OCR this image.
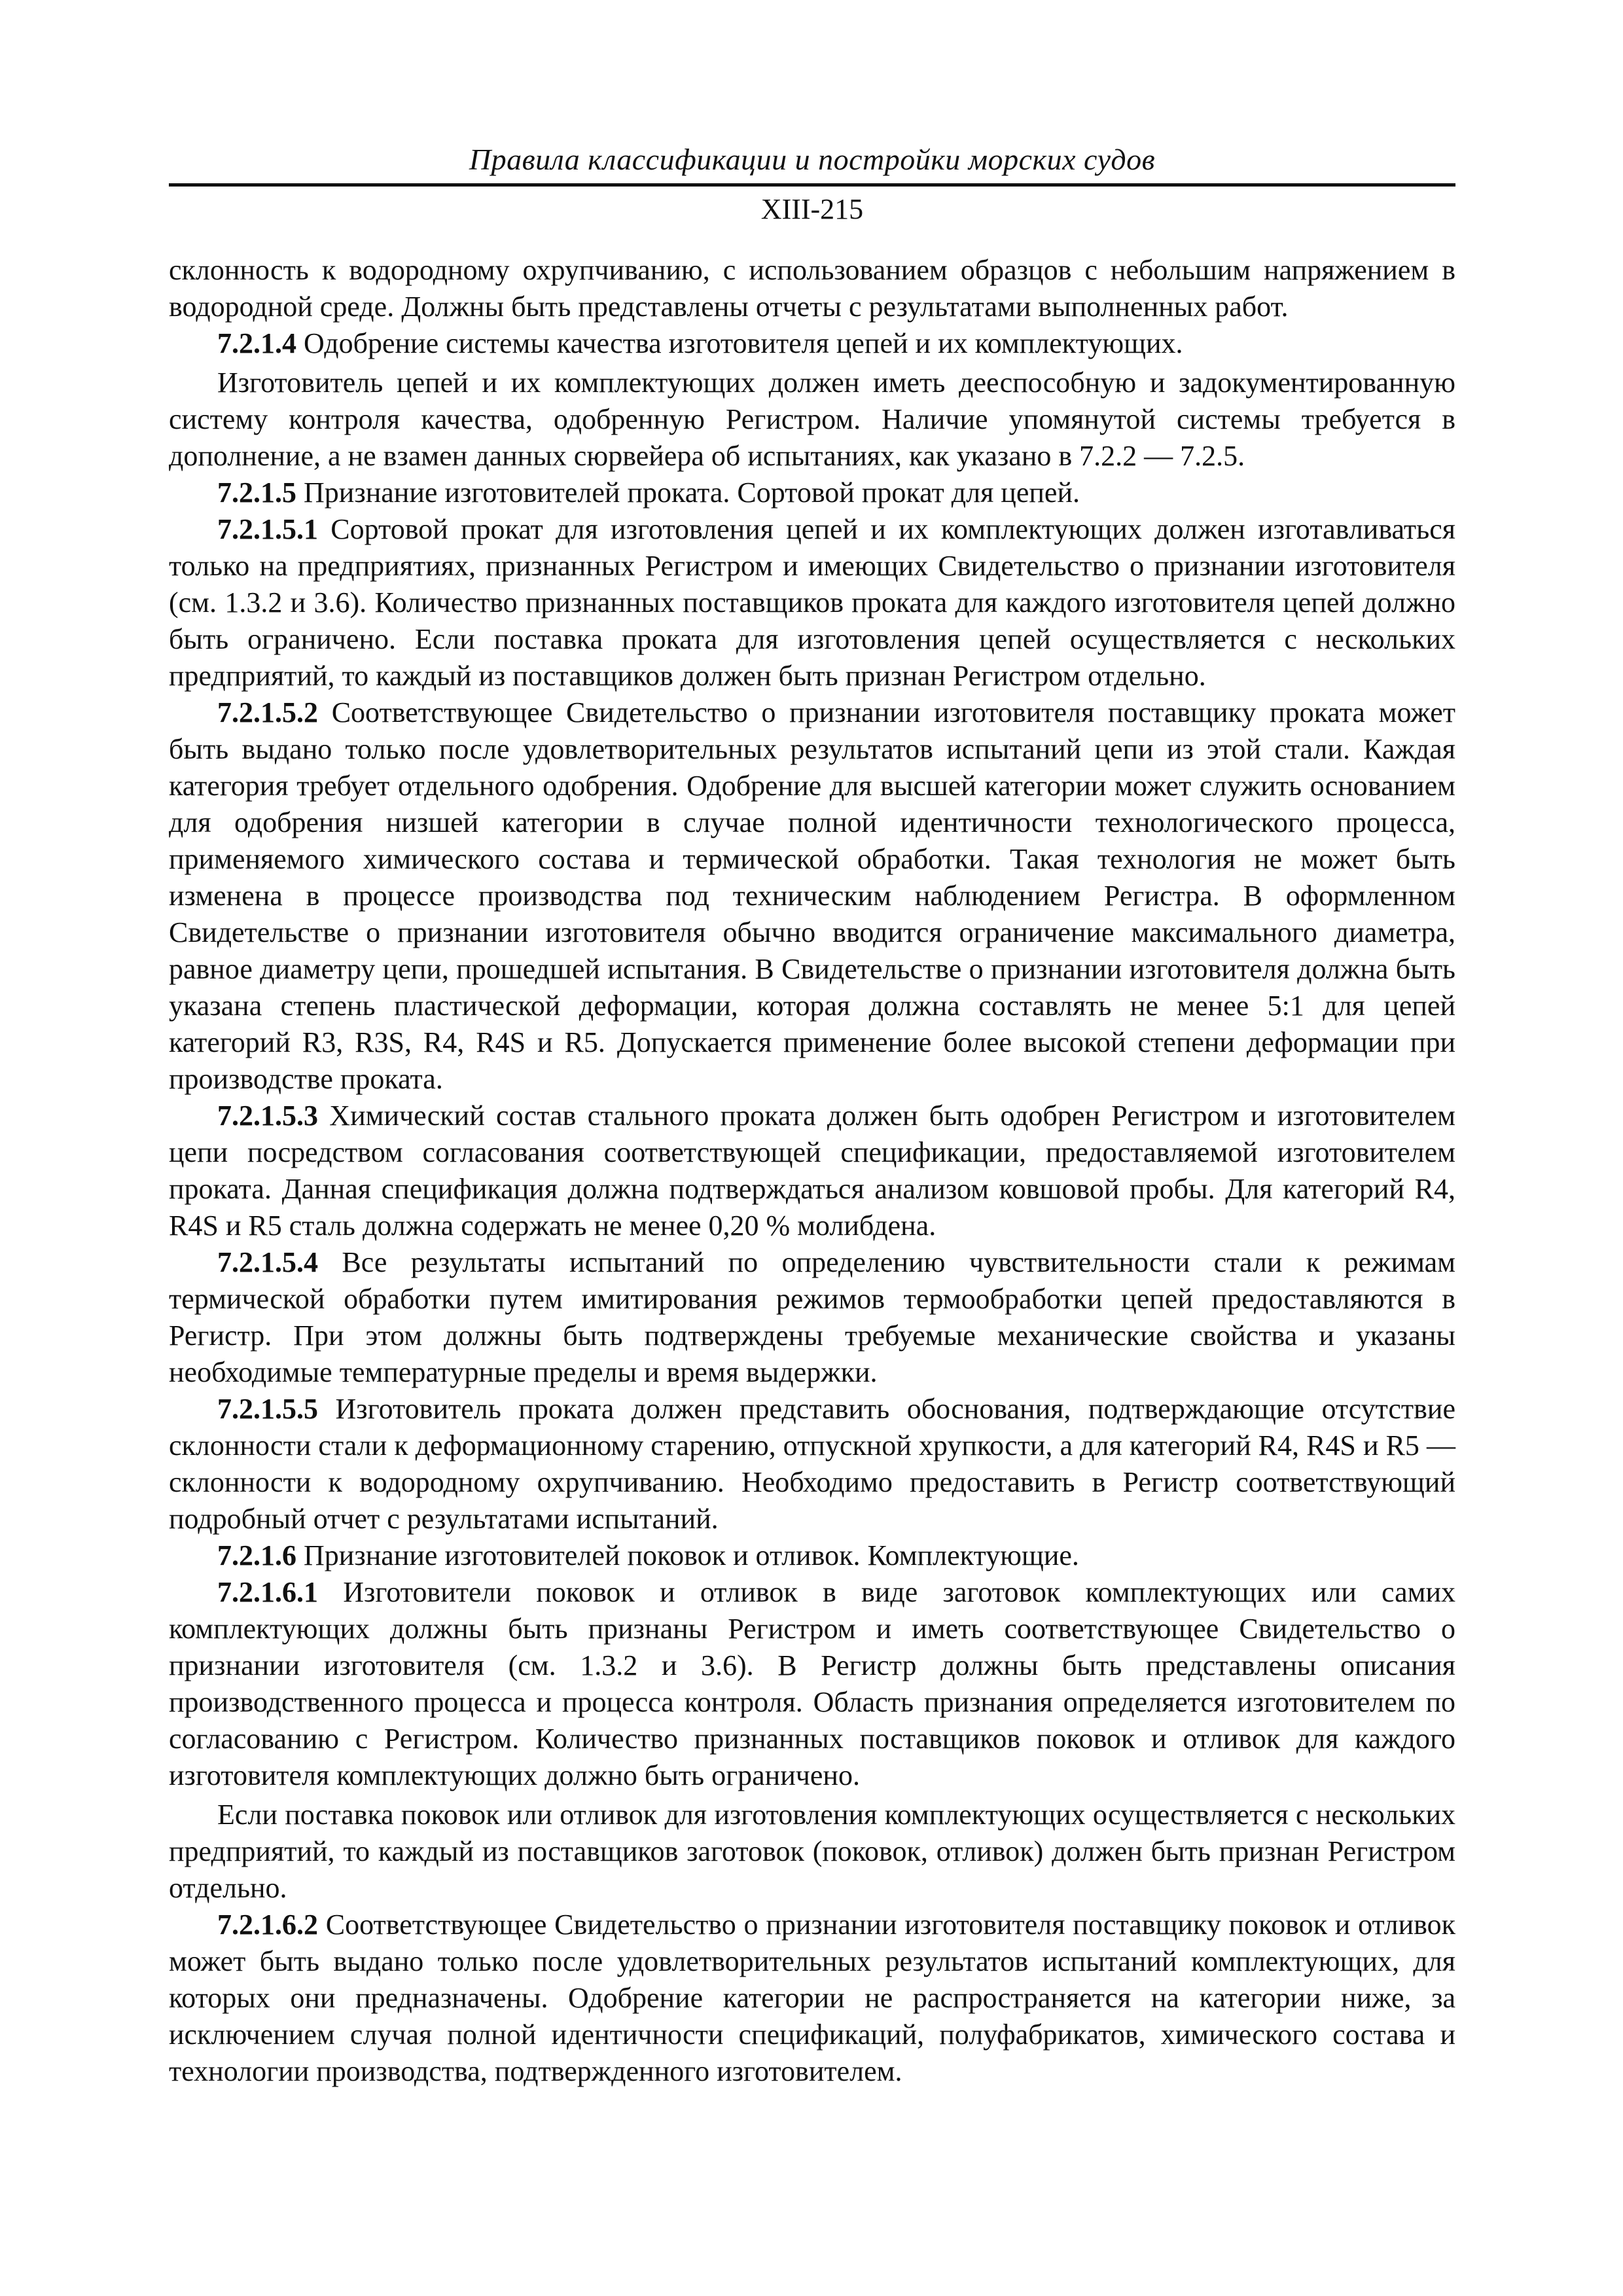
Правила классификации и постройки морских судов
XIII-215

склонность к водородному охрупчиванию, с использованием образцов с небольшим напряжением в водородной среде. Должны быть представлены отчеты с результатами выполненных работ.

7.2.1.4 Одобрение системы качества изготовителя цепей и их комплектующих.

Изготовитель цепей и их комплектующих должен иметь дееспособную и задокументированную систему контроля качества, одобренную Регистром. Наличие упомянутой системы требуется в дополнение, а не взамен данных сюрвейера об испытаниях, как указано в 7.2.2 — 7.2.5.

7.2.1.5 Признание изготовителей проката. Сортовой прокат для цепей.

7.2.1.5.1 Сортовой прокат для изготовления цепей и их комплектующих должен изготавливаться только на предприятиях, признанных Регистром и имеющих Свидетельство о признании изготовителя (см. 1.3.2 и 3.6). Количество признанных поставщиков проката для каждого изготовителя цепей должно быть ограничено. Если поставка проката для изготовления цепей осуществляется с нескольких предприятий, то каждый из поставщиков должен быть признан Регистром отдельно.

7.2.1.5.2 Соответствующее Свидетельство о признании изготовителя поставщику проката может быть выдано только после удовлетворительных результатов испытаний цепи из этой стали. Каждая категория требует отдельного одобрения. Одобрение для высшей категории может служить основанием для одобрения низшей категории в случае полной идентичности технологического процесса, применяемого химического состава и термической обработки. Такая технология не может быть изменена в процессе производства под техническим наблюдением Регистра. В оформленном Свидетельстве о признании изготовителя обычно вводится ограничение максимального диаметра, равное диаметру цепи, прошедшей испытания. В Свидетельстве о признании изготовителя должна быть указана степень пластической деформации, которая должна составлять не менее 5:1 для цепей категорий R3, R3S, R4, R4S и R5. Допускается применение более высокой степени деформации при производстве проката.

7.2.1.5.3 Химический состав стального проката должен быть одобрен Регистром и изготовителем цепи посредством согласования соответствующей спецификации, предоставляемой изготовителем проката. Данная спецификация должна подтверждаться анализом ковшовой пробы. Для категорий R4, R4S и R5 сталь должна содержать не менее 0,20 % молибдена.

7.2.1.5.4 Все результаты испытаний по определению чувствительности стали к режимам термической обработки путем имитирования режимов термообработки цепей предоставляются в Регистр. При этом должны быть подтверждены требуемые механические свойства и указаны необходимые температурные пределы и время выдержки.

7.2.1.5.5 Изготовитель проката должен представить обоснования, подтверждающие отсутствие склонности стали к деформационному старению, отпускной хрупкости, а для категорий R4, R4S и R5 — склонности к водородному охрупчиванию. Необходимо предоставить в Регистр соответствующий подробный отчет с результатами испытаний.

7.2.1.6 Признание изготовителей поковок и отливок. Комплектующие.

7.2.1.6.1 Изготовители поковок и отливок в виде заготовок комплектующих или самих комплектующих должны быть признаны Регистром и иметь соответствующее Свидетельство о признании изготовителя (см. 1.3.2 и 3.6). В Регистр должны быть представлены описания производственного процесса и процесса контроля. Область признания определяется изготовителем по согласованию с Регистром. Количество признанных поставщиков поковок и отливок для каждого изготовителя комплектующих должно быть ограничено.

Если поставка поковок или отливок для изготовления комплектующих осуществляется с нескольких предприятий, то каждый из поставщиков заготовок (поковок, отливок) должен быть признан Регистром отдельно.

7.2.1.6.2 Соответствующее Свидетельство о признании изготовителя поставщику поковок и отливок может быть выдано только после удовлетворительных результатов испытаний комплектующих, для которых они предназначены. Одобрение категории не распространяется на категории ниже, за исключением случая полной идентичности спецификаций, полуфабрикатов, химического состава и технологии производства, подтвержденного изготовителем.
